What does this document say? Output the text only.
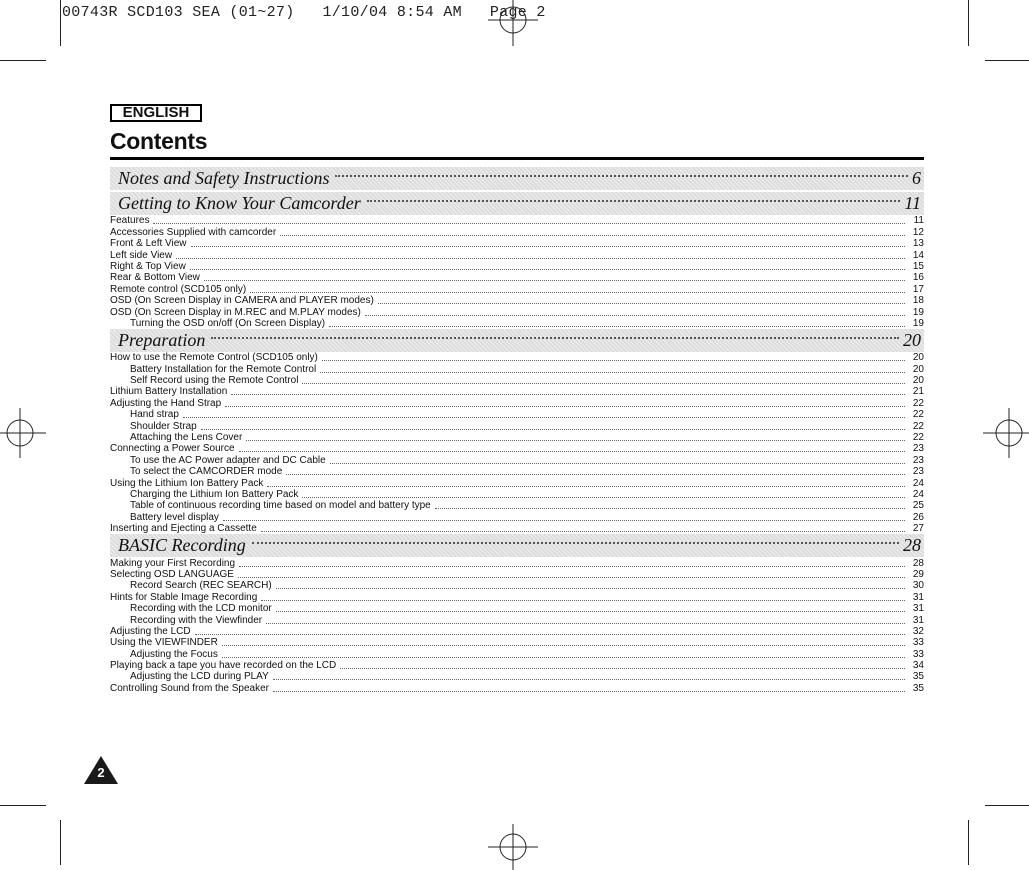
00743R SCD103 SEA (01~27)   1/10/04 8:54 AM   Page 2
ENGLISH
Contents
Notes and Safety Instructions	6
Getting to Know Your Camcorder	11
Features	11
Accessories Supplied with camcorder	12
Front & Left View	13
Left side View	14
Right & Top View	15
Rear & Bottom View	16
Remote control (SCD105 only)	17
OSD (On Screen Display in CAMERA and PLAYER modes)	18
OSD (On Screen Display in M.REC and M.PLAY modes)	19
Turning the OSD on/off (On Screen Display)	19
Preparation	20
How to use the Remote Control (SCD105 only)	20
Battery Installation for the Remote Control	20
Self Record using the Remote Control	20
Lithium Battery Installation	21
Adjusting the Hand Strap	22
Hand strap	22
Shoulder Strap	22
Attaching the Lens Cover	22
Connecting a Power Source	23
To use the AC Power adapter and DC Cable	23
To select the CAMCORDER mode	23
Using the Lithium Ion Battery Pack	24
Charging the Lithium Ion Battery Pack	24
Table of continuous recording time based on model and battery type	25
Battery level display	26
Inserting and Ejecting a Cassette	27
BASIC Recording	28
Making your First Recording	28
Selecting OSD LANGUAGE	29
Record Search (REC SEARCH)	30
Hints for Stable Image Recording	31
Recording with the LCD monitor	31
Recording with the Viewfinder	31
Adjusting the LCD	32
Using the VIEWFINDER	33
Adjusting the Focus	33
Playing back a tape you have recorded on the LCD	34
Adjusting the LCD during PLAY	35
Controlling Sound from the Speaker	35
2
